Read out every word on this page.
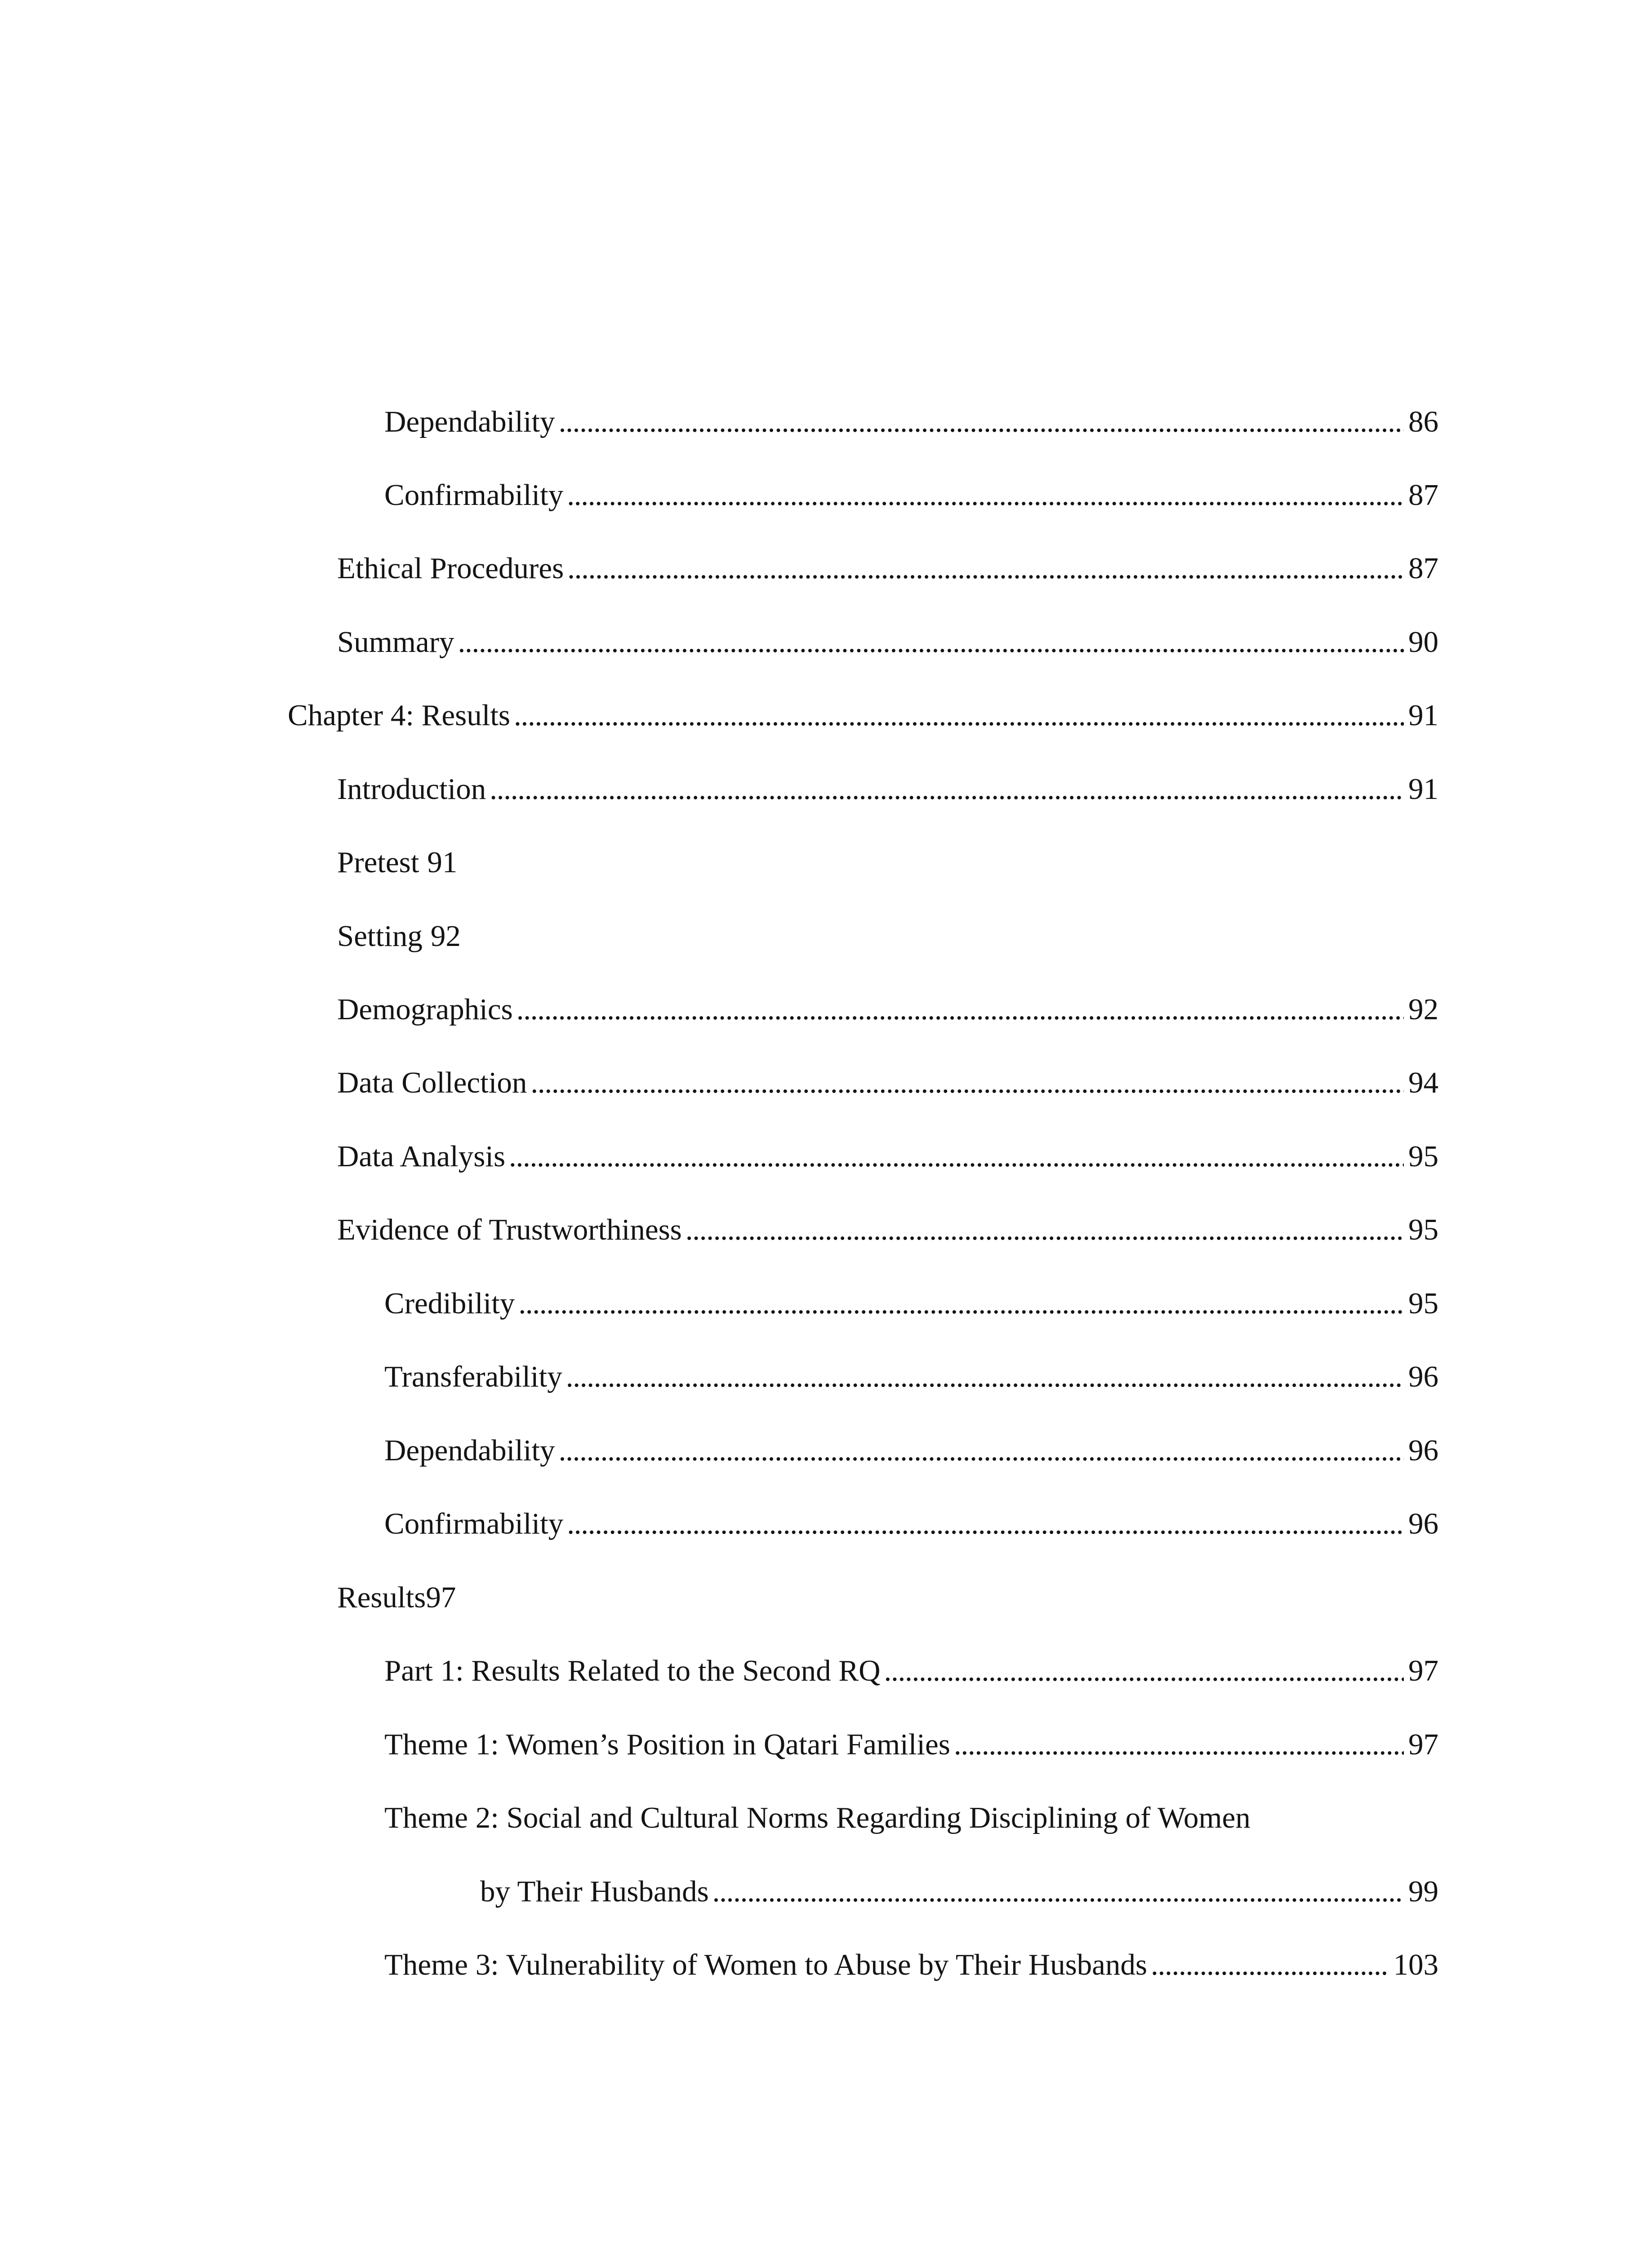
Dependability . . .	86
Confirmability . . .	87
Ethical Procedures . . .	87
Summary . . .	90
Chapter 4: Results . . .	91
Introduction . . .	91
Pretest 91
Setting 92
Demographics . . .	92
Data Collection . . .	94
Data Analysis . . .	95
Evidence of Trustworthiness . . .	95
Credibility . . .	95
Transferability . . .	96
Dependability . . .	96
Confirmability . . .	96
Results 97
Part 1: Results Related to the Second RQ . . .	97
Theme 1: Women’s Position in Qatari Families . . .	97
Theme 2: Social and Cultural Norms Regarding Disciplining of Women
by Their Husbands . . .	99
Theme 3: Vulnerability of Women to Abuse by Their Husbands . . .	103
